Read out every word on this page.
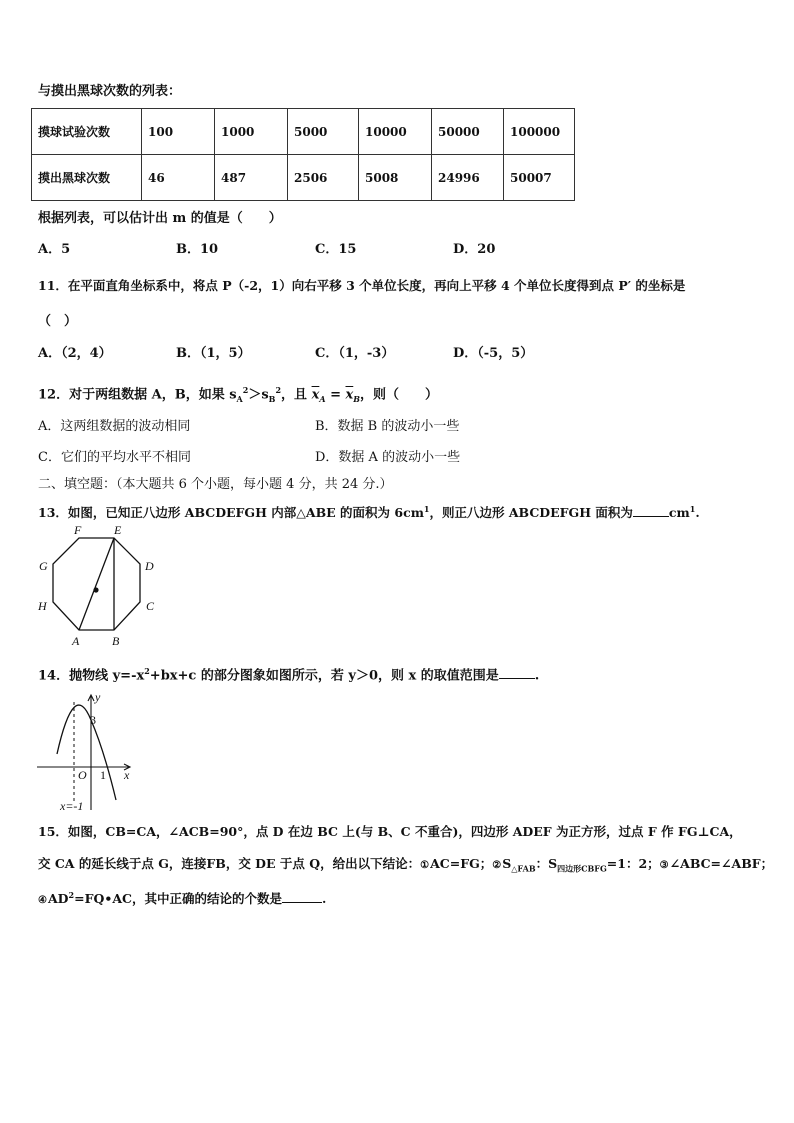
与摸出黑球次数的列表：
摸球试验次数	100	1000	5000	10000	50000	100000
摸出黑球次数	46	487	2506	5008	24996	50007
根据列表，可以估计出 m 的值是（　　）
A．5	B．10	C．15	D．20
11．在平面直角坐标系中，将点 P（-2，1）向右平移 3 个单位长度，再向上平移 4 个单位长度得到点 P′ 的坐标是
（　）
A．（2，4）	B．（1，5）	C．（1，-3）	D．（-5，5）
12．对于两组数据 A，B，如果 $s_A^2>s_B^2$，且 $\overline{x}_A = \overline{x}_B$，则（　　）
A．这两组数据的波动相同	B．数据 B 的波动小一些
C．它们的平均水平不相同	D．数据 A 的波动小一些
二、填空题：（本大题共 6 个小题，每小题 4 分，共 24 分.）
13．如图，已知正八边形 ABCDEFGH 内部△ABE 的面积为 $6cm^1$，则正八边形 ABCDEFGH 面积为	$cm^1$.
F	E
G	D
H	C
A	B
14．抛物线 $y=-x^2+bx+c$ 的部分图象如图所示，若 y＞0，则 x 的取值范围是	.
y
3
O 1 x
x=-1
15．如图，CB=CA，∠ACB=90°，点 D 在边 BC 上(与 B、C 不重合)，四边形 ADEF 为正方形，过点 F 作 FG⊥CA，
交 CA 的延长线于点 G，连接FB，交 DE 于点 Q，给出以下结论：①AC=FG；$②S_{\triangle FAB}$：$S_{四边形CBFG}=1$：2；③∠ABC=∠ABF；
$④AD^2=FQ•AC$，其中正确的结论的个数是	.
